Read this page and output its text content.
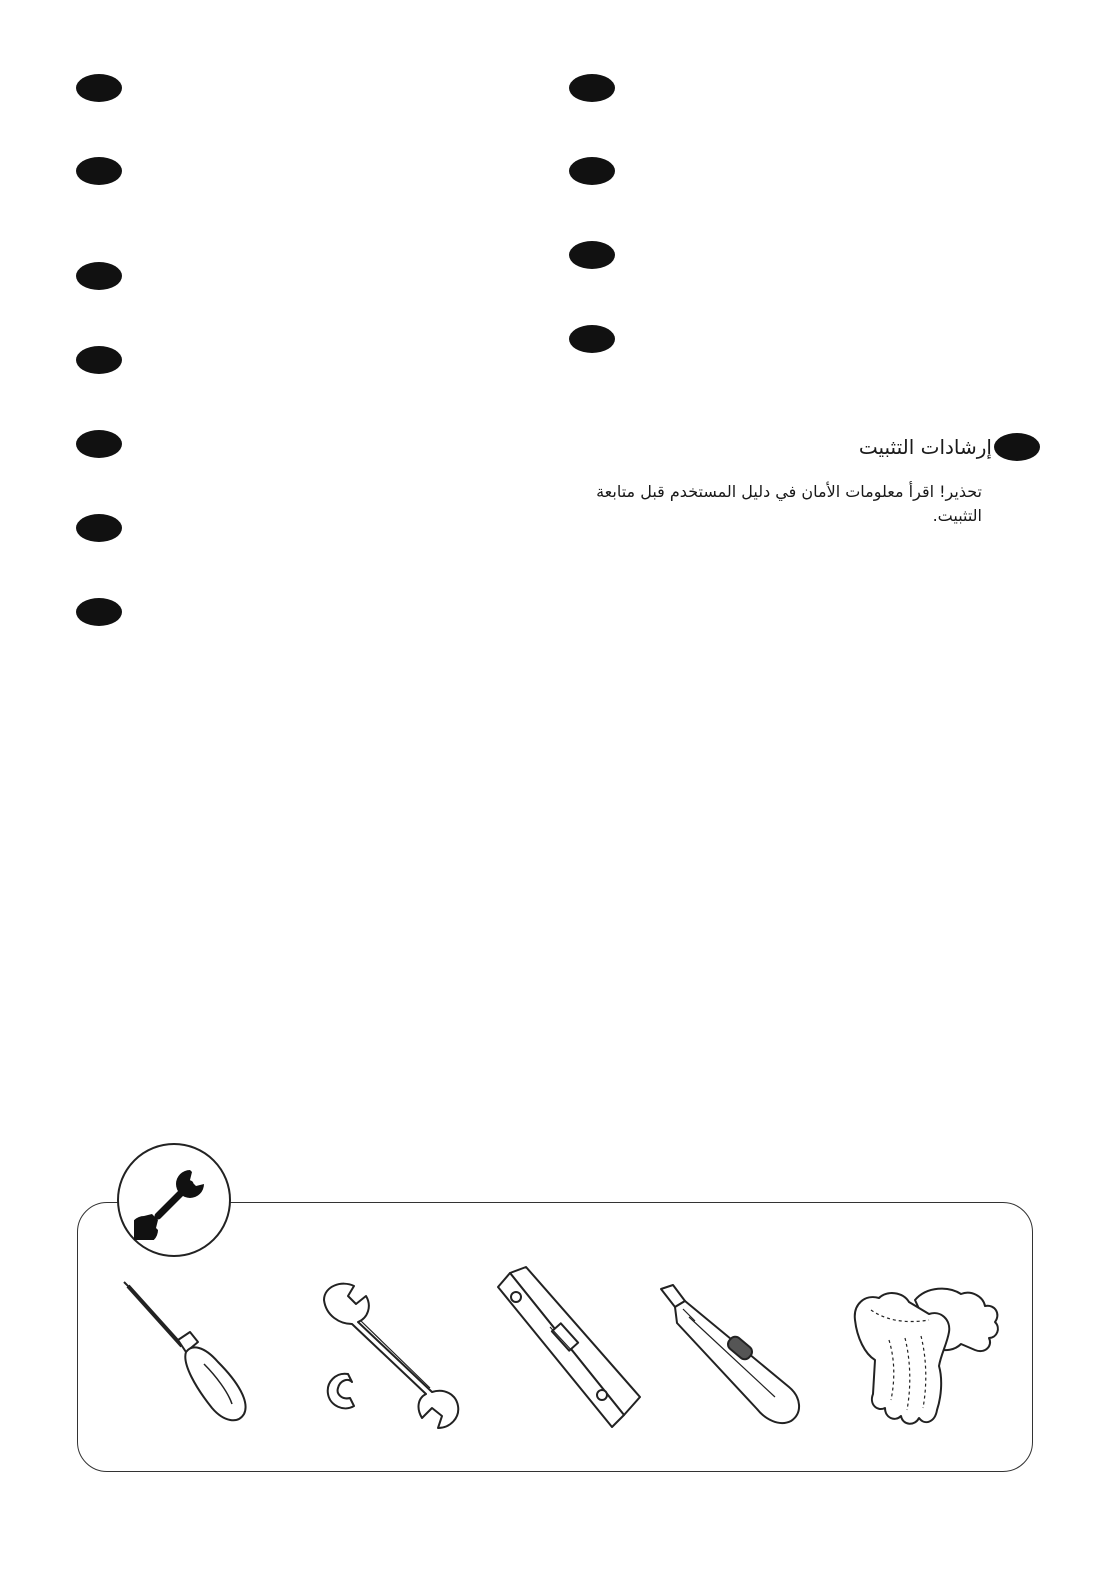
إرشادات التثبيت
تحذير! اقرأ معلومات الأمان في دليل المستخدم قبل متابعة التثبيت.
